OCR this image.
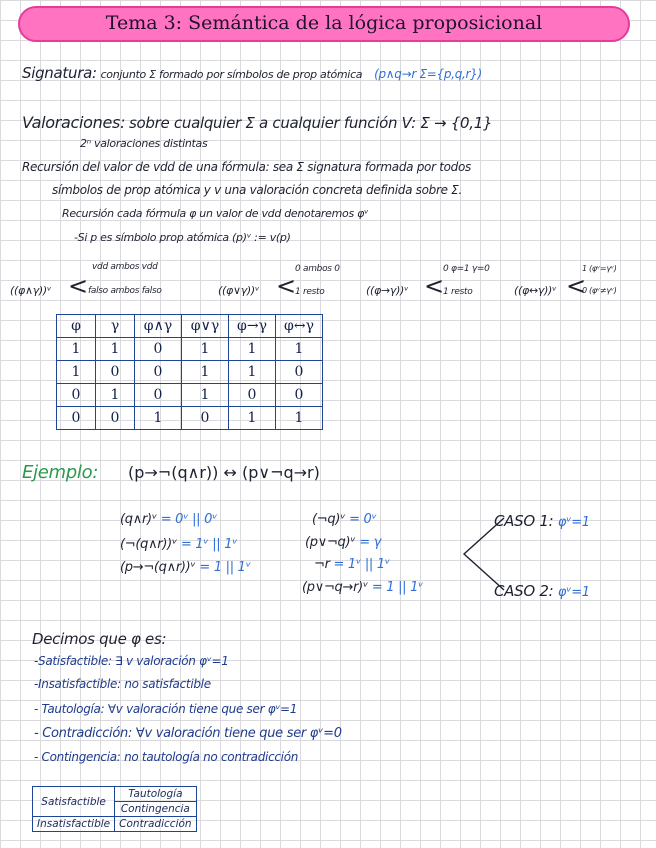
Tema 3: Semántica de la lógica proposicional
Signatura: conjunto Σ formado por símbolos de prop atómica (p∧q→r Σ={p,q,r})
Valoraciones: sobre cualquier Σ a cualquier función V: Σ → {0,1}
2ⁿ valoraciones distintas
Recursión del valor de vdd de una fórmula: sea Σ signatura formada por todos
símbolos de prop atómica y v una valoración concreta definida sobre Σ.
Recursión cada fórmula φ un valor de vdd denotaremos φᵛ
-Si p es símbolo prop atómica (p)ᵛ := v(p)
((φ∧γ))ᵛ <
vdd ambos vdd
falso ambos falso	((φ∨γ))ᵛ <
0 ambos 0
1 resto	((φ→γ))ᵛ <
0 φ=1 γ=0
1 resto	((φ↔γ))ᵛ <
1 (φᵛ=γᵛ)
0 (φᵛ≠γᵛ)
φ	γ	φ∧γ	φ∨γ	φ→γ	φ↔γ
1	1	0	1	1	1
1	0	0	1	1	0
0	1	0	1	0	0
0	0	1	0	1	1
Ejemplo: (p→¬(q∧r)) ↔ (p∨¬q→r)
(q∧r)ᵛ = 0ᵛ || 0ᵛ
(¬(q∧r))ᵛ = 1ᵛ || 1ᵛ
(p→¬(q∧r))ᵛ = 1 || 1ᵛ
(¬q)ᵛ = 0ᵛ
(p∨¬q)ᵛ = γ
¬r = 1ᵛ || 1ᵛ
(p∨¬q→r)ᵛ = 1 || 1ᵛ
CASO 1: φᵛ=1
CASO 2: φᵛ=1
Decimos que φ es:
-Satisfactible: ∃ v valoración φᵛ=1
-Insatisfactible: no satisfactible
- Tautología: ∀v valoración tiene que ser φᵛ=1
- Contradicción: ∀v valoración tiene que ser φᵛ=0
- Contingencia: no tautología no contradicción
Satisfactible	Tautología
	Contingencia
Insatisfactible	Contradicción
